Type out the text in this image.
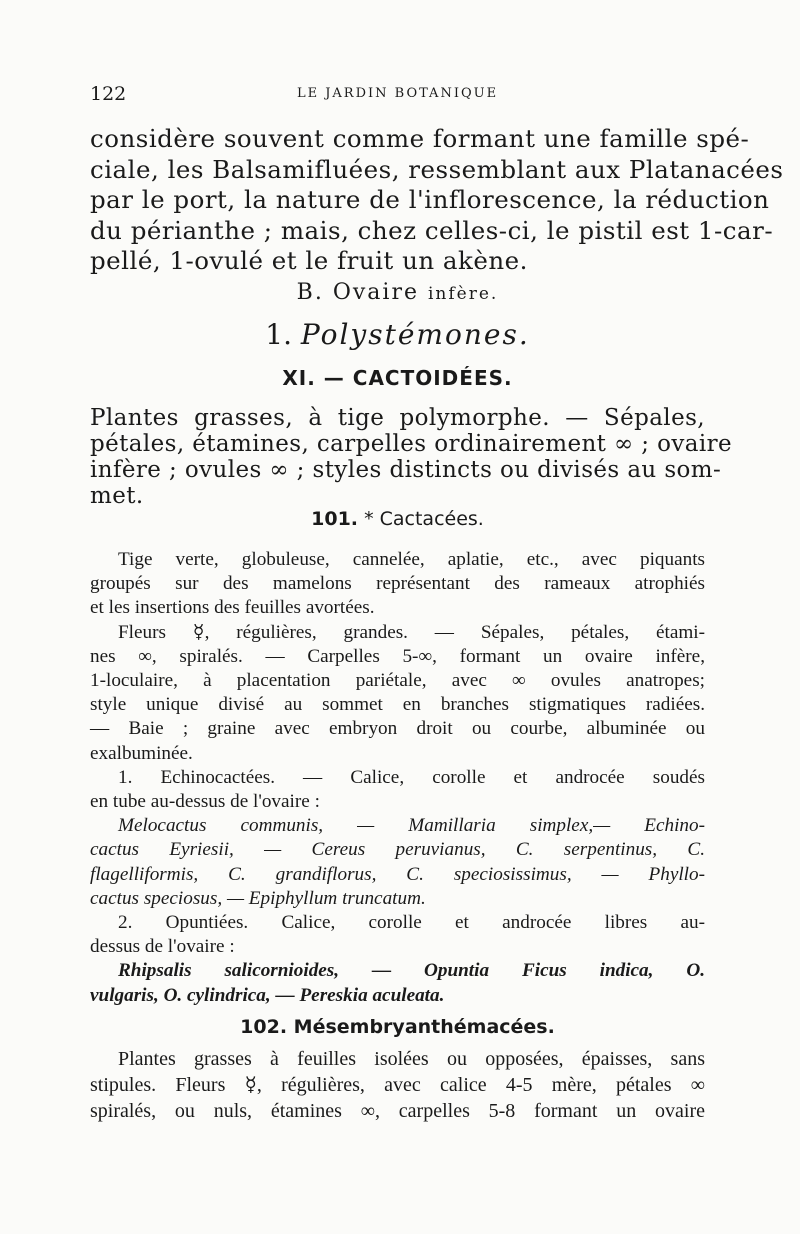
122	LE JARDIN BOTANIQUE
considère souvent comme formant une famille spé-
ciale, les Balsamifluées, ressemblant aux Platanacées
par le port, la nature de l'inflorescence, la réduction
du périanthe ; mais, chez celles-ci, le pistil est 1-car-
pellé, 1-ovulé et le fruit un akène.
B. Ovaire infère.
1. Polystémones.
XI. — CACTOIDÉES.
Plantes grasses, à tige polymorphe. — Sépales,
pétales, étamines, carpelles ordinairement ∞ ; ovaire
infère ; ovules ∞ ; styles distincts ou divisés au som-
met.
101. * Cactacées.
Tige verte, globuleuse, cannelée, aplatie, etc., avec piquants
groupés sur des mamelons représentant des rameaux atrophiés
et les insertions des feuilles avortées.
Fleurs ☿, régulières, grandes. — Sépales, pétales, étami-
nes ∞, spiralés. — Carpelles 5-∞, formant un ovaire infère,
1-loculaire, à placentation pariétale, avec ∞ ovules anatropes;
style unique divisé au sommet en branches stigmatiques radiées.
— Baie ; graine avec embryon droit ou courbe, albuminée ou
exalbuminée.
1. Echinocactées. — Calice, corolle et androcée soudés
en tube au-dessus de l'ovaire :
Melocactus communis, — Mamillaria simplex,— Echino-
cactus Eyriesii, — Cereus peruvianus, C. serpentinus, C.
flagelliformis, C. grandiflorus, C. speciosissimus, — Phyllo-
cactus speciosus, — Epiphyllum truncatum.
2. Opuntiées. Calice, corolle et androcée libres au-
dessus de l'ovaire :
Rhipsalis salicornioides, — Opuntia Ficus indica, O.
vulgaris, O. cylindrica, — Pereskia aculeata.
102. Mésembryanthémacées.
Plantes grasses à feuilles isolées ou opposées, épaisses, sans
stipules. Fleurs ☿, régulières, avec calice 4-5 mère, pétales ∞
spiralés, ou nuls, étamines ∞, carpelles 5-8 formant un ovaire
